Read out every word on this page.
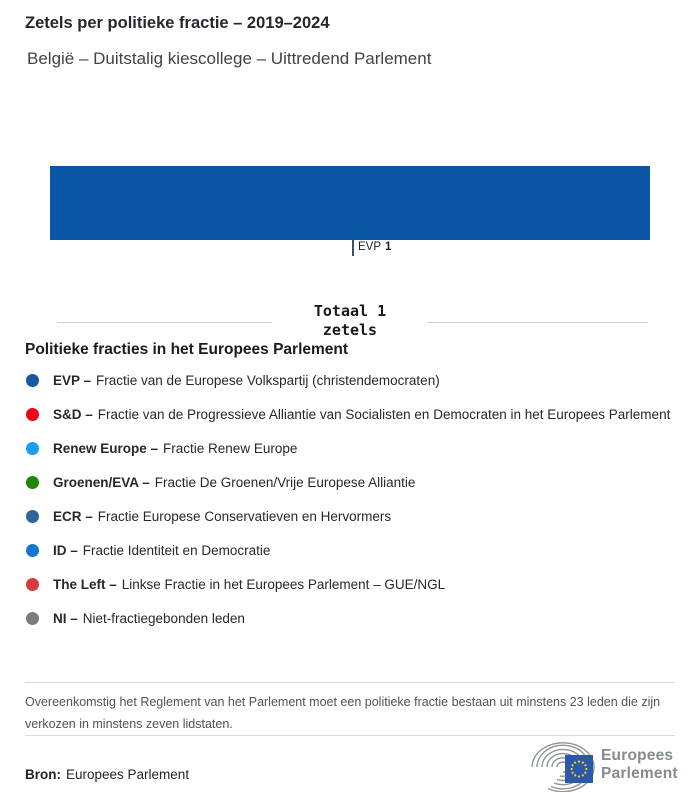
Zetels per politieke fractie – 2019–2024
België – Duitstalig kiescollege – Uittredend Parlement
EVP 1
Totaal 1
zetels
Politieke fracties in het Europees Parlement
EVP – Fractie van de Europese Volkspartij (christendemocraten)
S&D – Fractie van de Progressieve Alliantie van Socialisten en Democraten in het Europees Parlement
Renew Europe – Fractie Renew Europe
Groenen/EVA – Fractie De Groenen/Vrije Europese Alliantie
ECR – Fractie Europese Conservatieven en Hervormers
ID – Fractie Identiteit en Democratie
The Left – Linkse Fractie in het Europees Parlement – GUE/NGL
NI – Niet-fractiegebonden leden
Overeenkomstig het Reglement van het Parlement moet een politieke fractie bestaan uit minstens 23 leden die zijn verkozen in minstens zeven lidstaten.
Bron: Europees Parlement
Europees
Parlement
